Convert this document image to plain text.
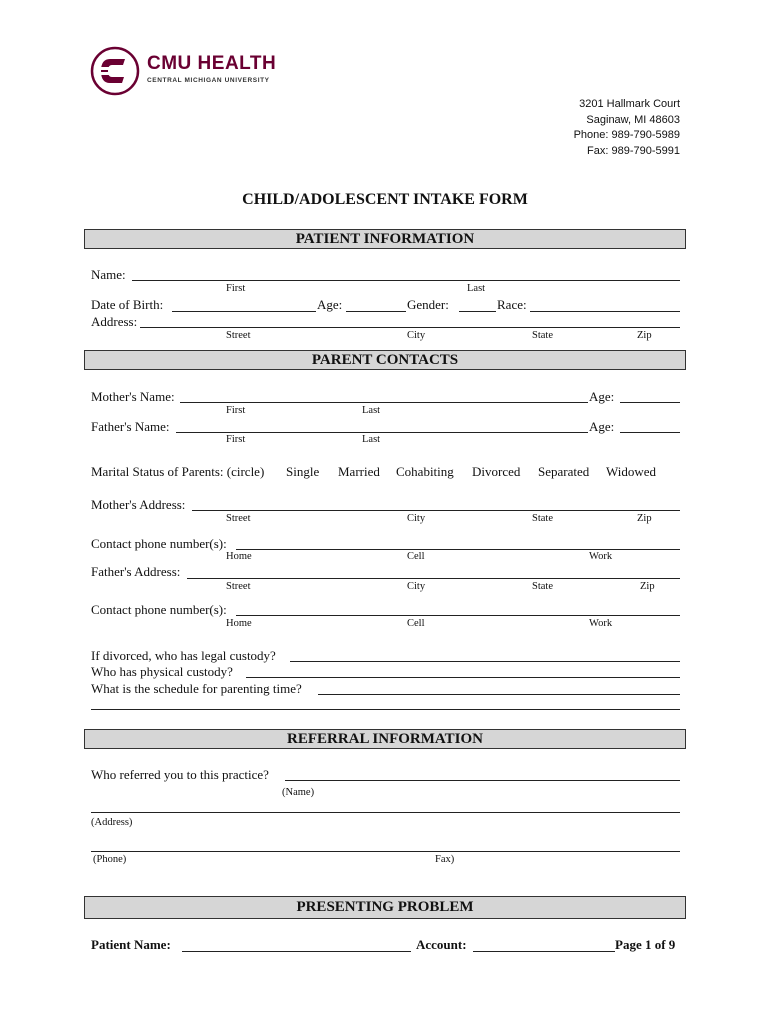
CMU HEALTH
CENTRAL MICHIGAN UNIVERSITY
3201 Hallmark Court
Saginaw, MI 48603
Phone: 989-790-5989
Fax: 989-790-5991
CHILD/ADOLESCENT INTAKE FORM
PATIENT INFORMATION
Name:
First	Last
Date of Birth:	Age:	Gender:	Race:
Address:
Street	City	State	Zip
PARENT CONTACTS
Mother's Name:	Age:
First	Last
Father's Name:	Age:
First	Last
Marital Status of Parents: (circle) Single Married Cohabiting Divorced Separated Widowed
Mother's Address:
Street	City	State	Zip
Contact phone number(s):
Home	Cell	Work
Father's Address:
Street	City	State	Zip
Contact phone number(s):
Home	Cell	Work
If divorced, who has legal custody?
Who has physical custody?
What is the schedule for parenting time?
REFERRAL INFORMATION
Who referred you to this practice?
(Name)
(Address)
(Phone)	Fax)
PRESENTING PROBLEM
Patient Name:	Account:	Page 1 of 9
